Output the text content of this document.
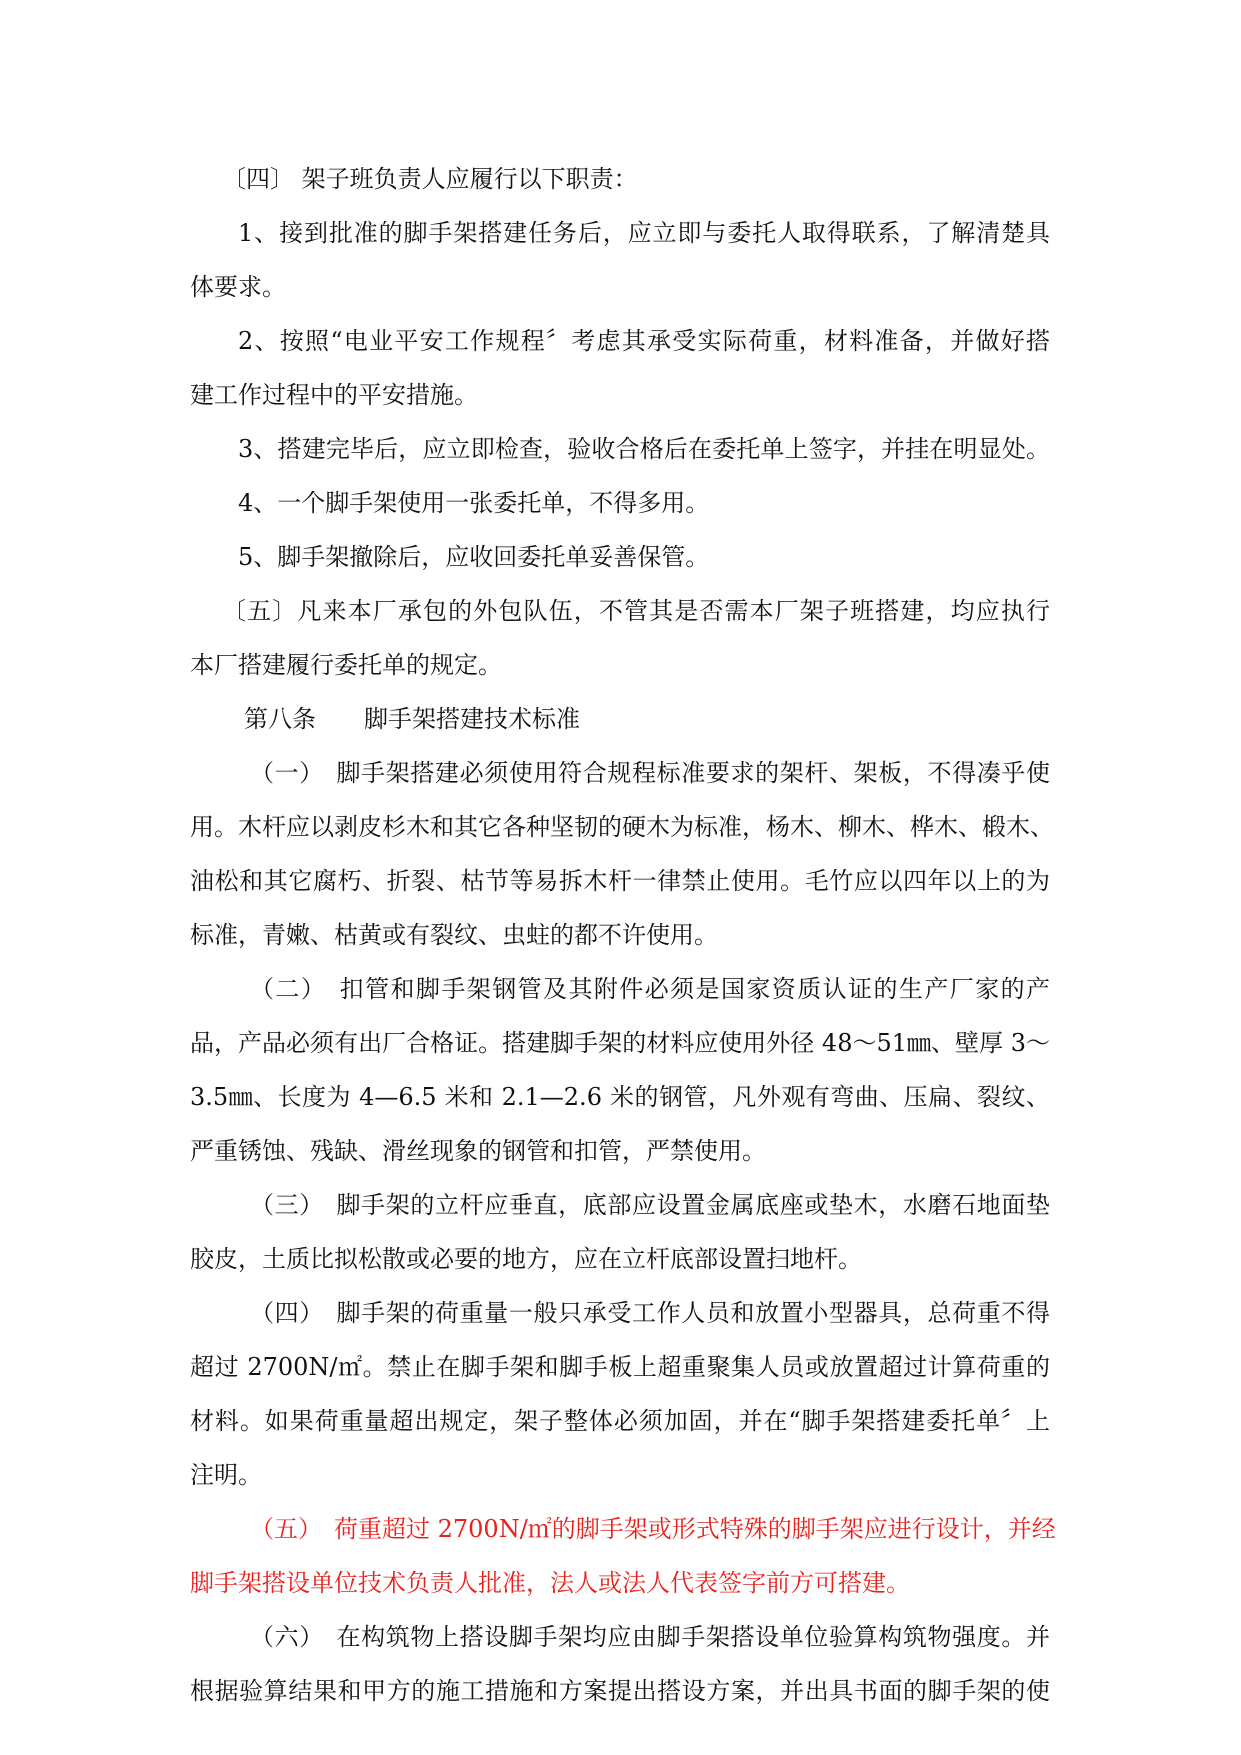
〔四〕 架子班负责人应履行以下职责：
1、接到批准的脚手架搭建任务后，应立即与委托人取得联系，了解清楚具
体要求。
2、按照“电业平安工作规程〞考虑其承受实际荷重，材料准备，并做好搭
建工作过程中的平安措施。
3、搭建完毕后，应立即检查，验收合格后在委托单上签字，并挂在明显处。
4、一个脚手架使用一张委托单，不得多用。
5、脚手架撤除后，应收回委托单妥善保管。
〔五〕凡来本厂承包的外包队伍，不管其是否需本厂架子班搭建，均应执行
本厂搭建履行委托单的规定。
第八条　　脚手架搭建技术标准
（一）　脚手架搭建必须使用符合规程标准要求的架杆、架板，不得凑乎使
用。木杆应以剥皮杉木和其它各种坚韧的硬木为标准，杨木、柳木、桦木、椴木、
油松和其它腐朽、折裂、枯节等易拆木杆一律禁止使用。毛竹应以四年以上的为
标准，青嫩、枯黄或有裂纹、虫蛀的都不许使用。
（二）　扣管和脚手架钢管及其附件必须是国家资质认证的生产厂家的产
品，产品必须有出厂合格证。搭建脚手架的材料应使用外径 48～51㎜、壁厚 3～
3.5㎜、长度为 4—6.5 米和 2.1—2.6 米的钢管，凡外观有弯曲、压扁、裂纹、
严重锈蚀、残缺、滑丝现象的钢管和扣管，严禁使用。
（三）　脚手架的立杆应垂直，底部应设置金属底座或垫木，水磨石地面垫
胶皮，土质比拟松散或必要的地方，应在立杆底部设置扫地杆。
（四）　脚手架的荷重量一般只承受工作人员和放置小型器具，总荷重不得
超过 2700N/㎡。禁止在脚手架和脚手板上超重聚集人员或放置超过计算荷重的
材料。如果荷重量超出规定，架子整体必须加固，并在“脚手架搭建委托单〞上
注明。
（五）　荷重超过 2700N/㎡的脚手架或形式特殊的脚手架应进行设计，并经
脚手架搭设单位技术负责人批准，法人或法人代表签字前方可搭建。
（六）　在构筑物上搭设脚手架均应由脚手架搭设单位验算构筑物强度。并
根据验算结果和甲方的施工措施和方案提出搭设方案，并出具书面的脚手架的使
